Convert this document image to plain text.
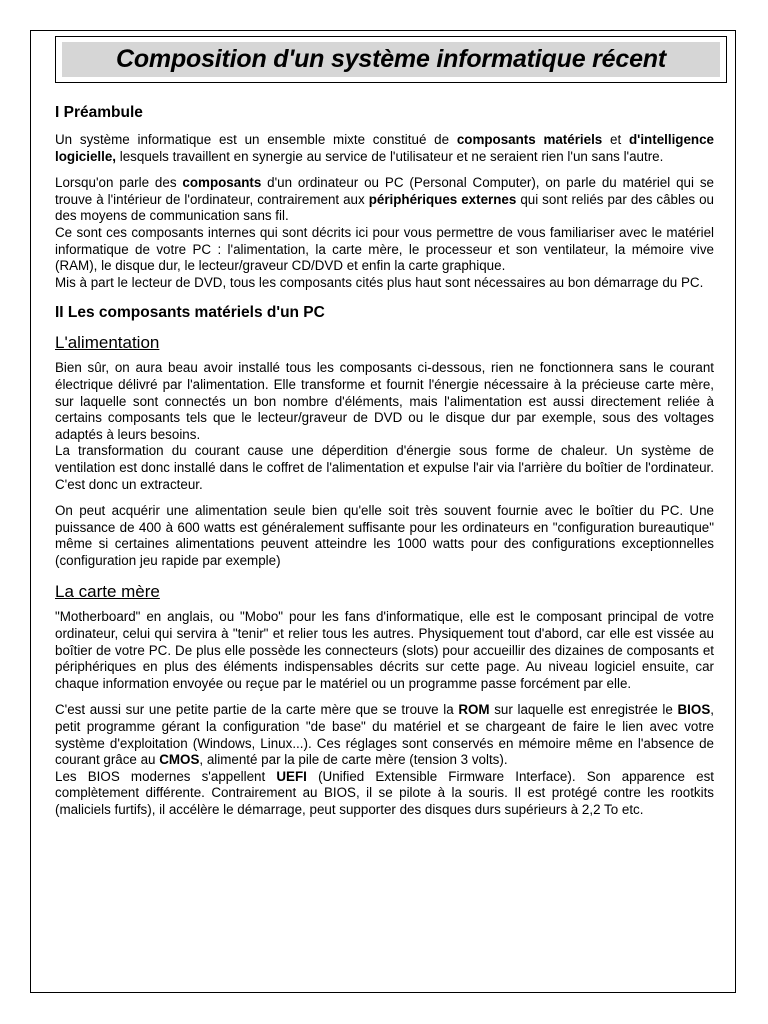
Composition d'un système informatique récent
I Préambule

Un système informatique est un ensemble mixte constitué de composants matériels et d'intelligence logicielle, lesquels travaillent en synergie au service de l'utilisateur et ne seraient rien l'un sans l'autre.

Lorsqu'on parle des composants d'un ordinateur ou PC (Personal Computer), on parle du matériel qui se trouve à l'intérieur de l'ordinateur, contrairement aux périphériques externes qui sont reliés par des câbles ou des moyens de communication sans fil.

Ce sont ces composants internes qui sont décrits ici pour vous permettre de vous familiariser avec le matériel informatique de votre PC : l'alimentation, la carte mère, le processeur et son ventilateur, la mémoire vive (RAM), le disque dur, le lecteur/graveur CD/DVD et enfin la carte graphique.

Mis à part le lecteur de DVD, tous les composants cités plus haut sont nécessaires au bon démarrage du PC.

II Les composants matériels d'un PC
L'alimentation

Bien sûr, on aura beau avoir installé tous les composants ci-dessous, rien ne fonctionnera sans le courant électrique délivré par l'alimentation. Elle transforme et fournit l'énergie nécessaire à la précieuse carte mère, sur laquelle sont connectés un bon nombre d'éléments, mais l'alimentation est aussi directement reliée à certains composants tels que le lecteur/graveur de DVD ou le disque dur par exemple, sous des voltages adaptés à leurs besoins.

La transformation du courant cause une déperdition d'énergie sous forme de chaleur. Un système de ventilation est donc installé dans le coffret de l'alimentation et expulse l'air via l'arrière du boîtier de l'ordinateur. C'est donc un extracteur.

On peut acquérir une alimentation seule bien qu'elle soit très souvent fournie avec le boîtier du PC. Une puissance de 400 à 600 watts est généralement suffisante pour les ordinateurs en "configuration bureautique" même si certaines alimentations peuvent atteindre les 1000 watts pour des configurations exceptionnelles (configuration jeu rapide par exemple)

La carte mère

"Motherboard" en anglais, ou "Mobo" pour les fans d'informatique, elle est le composant principal de votre ordinateur, celui qui servira à "tenir" et relier tous les autres. Physiquement tout d'abord, car elle est vissée au boîtier de votre PC. De plus elle possède les connecteurs (slots) pour accueillir des dizaines de composants et périphériques en plus des éléments indispensables décrits sur cette page. Au niveau logiciel ensuite, car chaque information envoyée ou reçue par le matériel ou un programme passe forcément par elle.

C'est aussi sur une petite partie de la carte mère que se trouve la ROM sur laquelle est enregistrée le BIOS, petit programme gérant la configuration "de base" du matériel et se chargeant de faire le lien avec votre système d'exploitation (Windows, Linux...). Ces réglages sont conservés en mémoire même en l'absence de courant grâce au CMOS, alimenté par la pile de carte mère (tension 3 volts).

Les BIOS modernes s'appellent UEFI (Unified Extensible Firmware Interface). Son apparence est complètement différente. Contrairement au BIOS, il se pilote à la souris. Il est protégé contre les rootkits (maliciels furtifs), il accélère le démarrage, peut supporter des disques durs supérieurs à 2,2 To etc.
